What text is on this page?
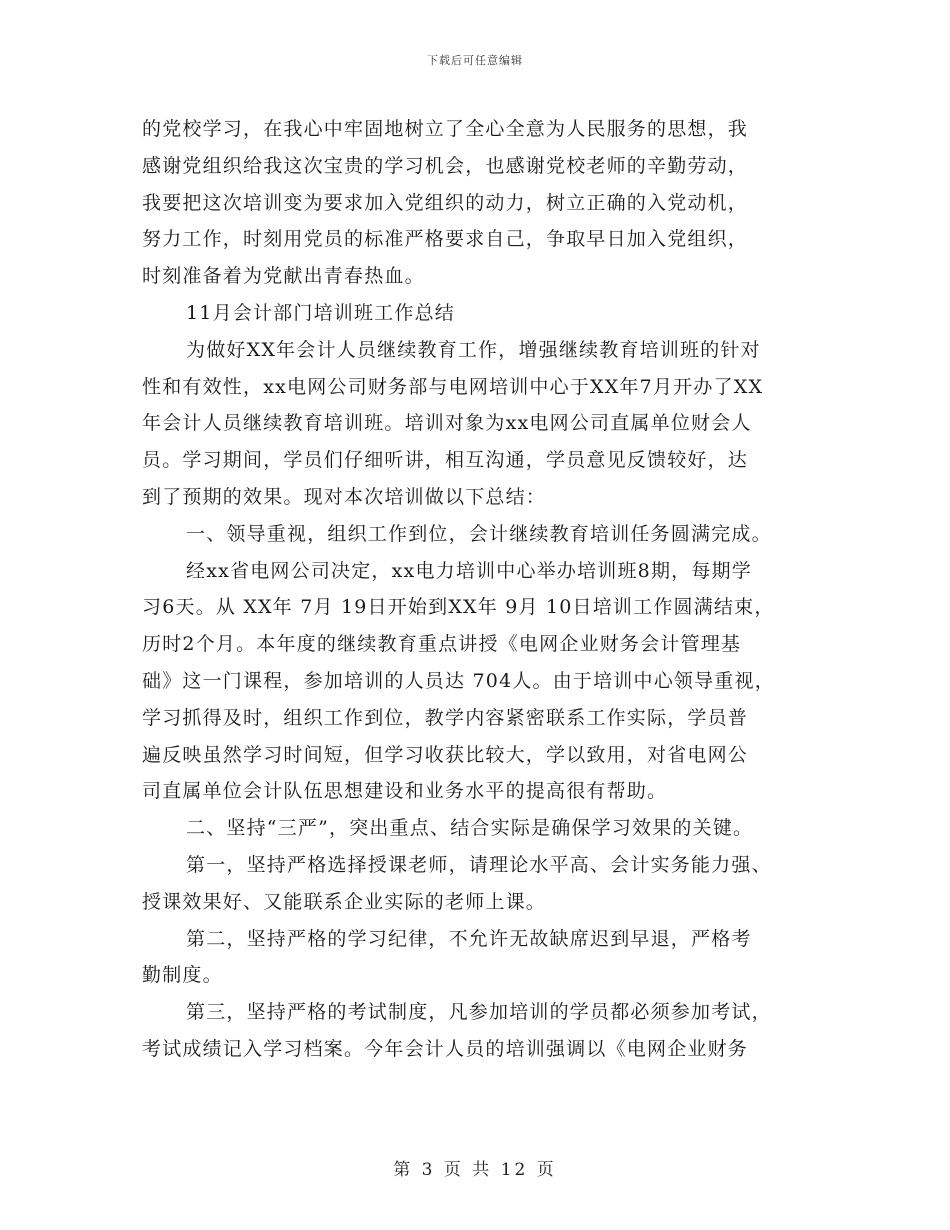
下载后可任意编辑
的党校学习，在我心中牢固地树立了全心全意为人民服务的思想，我
感谢党组织给我这次宝贵的学习机会，也感谢党校老师的辛勤劳动，
我要把这次培训变为要求加入党组织的动力，树立正确的入党动机，
努力工作，时刻用党员的标准严格要求自己，争取早日加入党组织，
时刻准备着为党献出青春热血。
11月会计部门培训班工作总结
为做好XX年会计人员继续教育工作，增强继续教育培训班的针对
性和有效性，xx电网公司财务部与电网培训中心于XX年7月开办了XX
年会计人员继续教育培训班。培训对象为xx电网公司直属单位财会人
员。学习期间，学员们仔细听讲，相互沟通，学员意见反馈较好，达
到了预期的效果。现对本次培训做以下总结：
一、领导重视，组织工作到位，会计继续教育培训任务圆满完成。
经xx省电网公司决定，xx电力培训中心举办培训班8期，每期学
习6天。从 XX年 7月 19日开始到XX年 9月 10日培训工作圆满结束，
历时2个月。本年度的继续教育重点讲授《电网企业财务会计管理基
础》这一门课程，参加培训的人员达 704人。由于培训中心领导重视，
学习抓得及时，组织工作到位，教学内容紧密联系工作实际，学员普
遍反映虽然学习时间短，但学习收获比较大，学以致用，对省电网公
司直属单位会计队伍思想建设和业务水平的提高很有帮助。
二、坚持“三严”，突出重点、结合实际是确保学习效果的关键。
第一，坚持严格选择授课老师，请理论水平高、会计实务能力强、
授课效果好、又能联系企业实际的老师上课。
第二，坚持严格的学习纪律，不允许无故缺席迟到早退，严格考
勤制度。
第三，坚持严格的考试制度，凡参加培训的学员都必须参加考试，
考试成绩记入学习档案。今年会计人员的培训强调以《电网企业财务
第 3 页 共 12 页
